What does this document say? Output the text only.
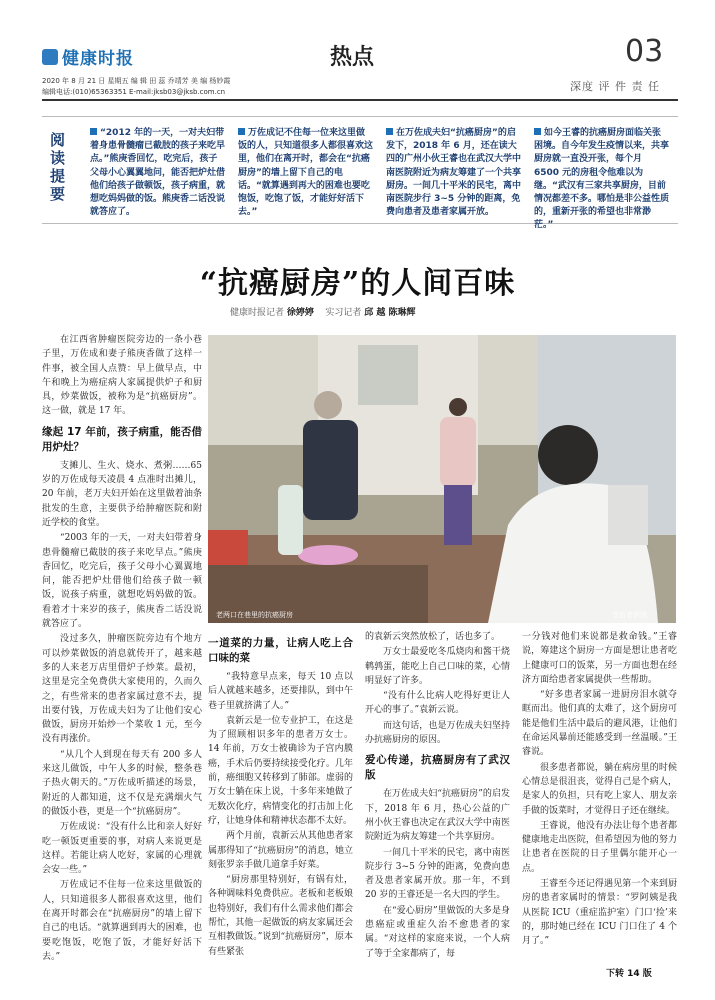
健康时报	热点	03
2020 年 8 月 21 日 星期五 编 辑 田 蕊 乔靖芳 美 编 杨妙霞
编辑电话:(010)65363351 E-mail:jksb03@jksb.com.cn	深度 评 件 责 任
阅读提要
“2012 年的一天，一对夫妇带着身患骨髓瘤已截肢的孩子来吃早点。”熊庚香回忆，吃完后，孩子父母小心翼翼地问，能否把炉灶借他们给孩子做顿饭，孩子病重，就想吃妈妈做的饭。熊庚香二话没说就答应了。
万佐成记不住每一位来这里做饭的人，只知道很多人都很喜欢这里，他们在离开时，都会在“抗癌厨房”的墙上留下自己的电话。“就算遇到再大的困难也要吃饱饭，吃饱了饭，才能好好活下去。”
在万佐成夫妇“抗癌厨房”的启发下，2018 年 6 月，还在读大四的广州小伙王睿也在武汉大学中南医院附近为病友筹建了一个共享厨房。一间几十平米的民宅，离中南医院步行 3~5 分钟的距离，免费向患者及患者家属开放。
如今王睿的抗癌厨房面临关张困境。自今年发生疫情以来，共享厨房就一直没开张，每个月 6500 元的房租令他难以为继。“武汉有三家共享厨房，目前情况都差不多。哪怕是非公益性质的，重新开张的希望也非常渺茫。”
“抗癌厨房”的人间百味
健康时报记者 徐婷婷 实习记者 邱 越 陈琳辉

在江西省肿瘤医院旁边的一条小巷子里，万佐成和妻子熊庚香做了这样一件事，被全国人点赞：早上做早点，中午和晚上为癌症病人家属提供炉子和厨具，炒菜做饭，被称为是“抗癌厨房”。这一做，就是 17 年。

缘起 17 年前，孩子病重，能否借用炉灶？

支摊儿、生火、烧水、煮粥……65 岁的万佐成每天凌晨 4 点准时出摊儿，20 年前，老万夫妇开始在这里做着油条批发的生意，主要供予给肿瘤医院和附近学校的食堂。

“2003 年的一天，一对夫妇带着身患骨髓瘤已截肢的孩子来吃早点。”熊庚香回忆，吃完后，孩子父母小心翼翼地问，能否把炉灶借他们给孩子做一顿饭，说孩子病重，就想吃妈妈做的饭。看着才十来岁的孩子，熊庚香二话没说就答应了。

没过多久，肿瘤医院旁边有个地方可以炒菜做饭的消息就传开了，越来越多的人来老万店里借炉子炒菜。最初，这里是完全免费供大家使用的，久而久之，有些常来的患者家属过意不去，提出要付钱，万佐成夫妇为了让他们安心做饭，厨房开始炒一个菜收 1 元，至今没有再涨价。

“从几个人到现在每天有 200 多人来这儿做饭，中午人多的时候，整条巷子热火朝天的。”万佐成听描述的场景，附近的人都知道，这不仅是充满烟火气的做饭小巷，更是一个“抗癌厨房”。

万佐成说：“没有什么比和亲人好好吃一顿饭更重要的事，对病人来说更是这样。若能让病人吃好，家属的心理就会安一些。”

万佐成记不住每一位来这里做饭的人，只知道很多人都很喜欢这里，他们在离开时都会在“抗癌厨房”的墙上留下自己的电话。“就算遇到再大的困难，也要吃饱饭，吃饱了饭，才能好好活下去。”

老两口在巷里的抗癌厨房	受访者供图
一道菜的力量，让病人吃上合口味的菜

“我特意早点来，每天 10 点以后人就越来越多，还要排队，到中午巷子里就挤满了人。”

袁新云是一位专业护工，在这是为了照顾相识多年的患者万女士。14 年前，万女士被确诊为子宫内膜癌，手术后仍要持续接受化疗。几年前，癌细胞又转移到了肺部。虚弱的万女士躺在床上说，十多年来她做了无数次化疗，病情变化的打击加上化疗，让她身体和精神状态都不太好。

两个月前，袁新云从其他患者家属那得知了“抗癌厨房”的消息，她立刻张罗亲手做几道拿手好菜。

“厨房那里特别好，有锅有灶，各种调味料免费供应。老板和老板娘也特别好，我们有什么需求他们都会帮忙，其他一起做饭的病友家属还会互相教做饭。”说到“抗癌厨房”，原本有些紧张

的袁新云突然放松了，话也多了。

万女士最爱吃冬瓜烧肉和酱干烧鹌鹑蛋，能吃上自己口味的菜，心情明显好了许多。

“没有什么比病人吃得好更让人开心的事了。”袁新云说。

而这句话，也是万佐成夫妇坚持办抗癌厨房的原因。

爱心传递，抗癌厨房有了武汉版

在万佐成夫妇“抗癌厨房”的启发下，2018 年 6 月，热心公益的广州小伙王睿也决定在武汉大学中南医院附近为病友筹建一个共享厨房。

一间几十平米的民宅，离中南医院步行 3~5 分钟的距离，免费向患者及患者家属开放。那一年，不到 20 岁的王睿还是一名大四的学生。

在“爱心厨房”里做饭的大多是身患癌症或重症久治不愈患者的家属。“对这样的家庭来说，一个人病了等于全家都病了，每

一分钱对他们来说都是救命钱。”王睿说，筹建这个厨房一方面是想让患者吃上健康可口的饭菜，另一方面也想在经济方面给患者家属提供一些帮助。

“好多患者家属一进厨房泪水就夺眶而出。他们真的太难了，这个厨房可能是他们生活中最后的避风港，让他们在命运风暴前还能感受到一丝温暖。”王睿说。

很多患者都说，躺在病房里的时候心情总是很沮丧，觉得自己是个病人，是家人的负担，只有吃上家人、朋友亲手做的饭菜时，才觉得日子还在继续。

王睿说，他没有办法让每个患者都健康地走出医院，但希望因为他的努力让患者在医院的日子里偶尔能开心一点。

王睿至今还记得遇见第一个来到厨房的患者家属时的情景：“罗阿姨是我从医院 ICU（重症监护室）门口‘捡’来的，那时她已经在 ICU 门口住了 4 个月了。”

下转 14 版
